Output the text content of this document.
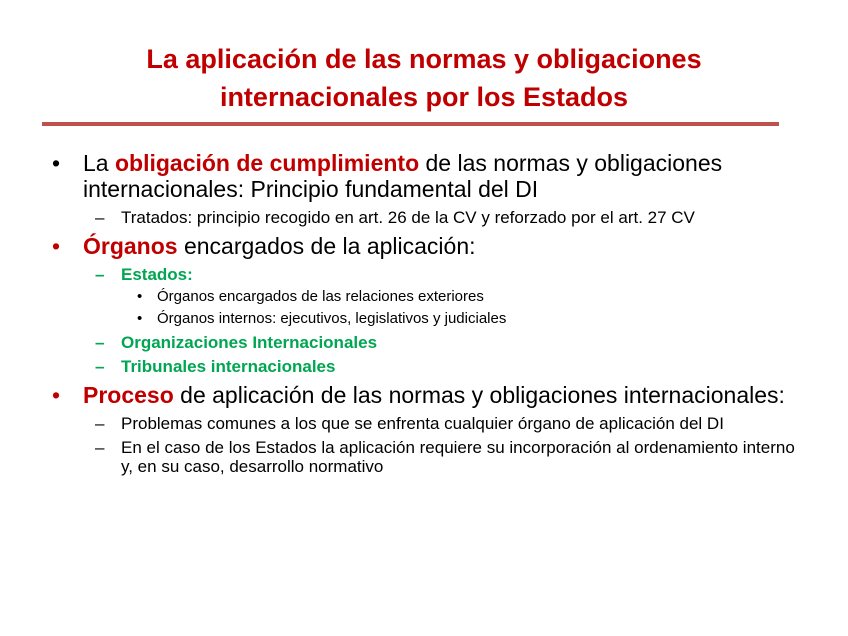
La aplicación de las normas y obligaciones
internacionales por los Estados
• La obligación de cumplimiento de las normas y obligaciones internacionales: Principio fundamental del DI
– Tratados: principio recogido en art. 26 de la CV y reforzado por el art. 27 CV
• Órganos encargados de la aplicación:
– Estados:
• Órganos encargados de las relaciones exteriores
• Órganos internos: ejecutivos, legislativos y judiciales
– Organizaciones Internacionales
– Tribunales internacionales
• Proceso de aplicación de las normas y obligaciones internacionales:
– Problemas comunes a los que se enfrenta cualquier órgano de aplicación del DI
– En el caso de los Estados la aplicación requiere su incorporación al ordenamiento interno y, en su caso, desarrollo normativo
